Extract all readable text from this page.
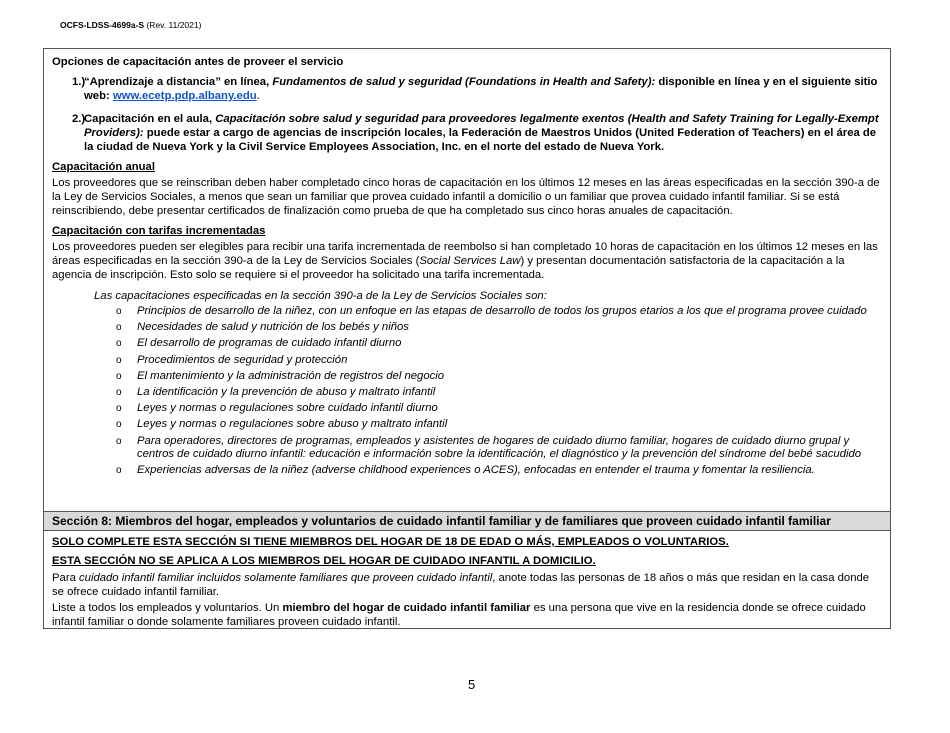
OCFS-LDSS-4699a-S (Rev. 11/2021)
Opciones de capacitación antes de proveer el servicio
1.)
“Aprendizaje a distancia” en línea, Fundamentos de salud y seguridad (Foundations in Health and Safety): disponible en línea y en el siguiente sitio web: www.ecetp.pdp.albany.edu.
2.)
Capacitación en el aula, Capacitación sobre salud y seguridad para proveedores legalmente exentos (Health and Safety Training for Legally-Exempt Providers): puede estar a cargo de agencias de inscripción locales, la Federación de Maestros Unidos (United Federation of Teachers) en el área de la ciudad de Nueva York y la Civil Service Employees Association, Inc. en el norte del estado de Nueva York.
Capacitación anual
Los proveedores que se reinscriban deben haber completado cinco horas de capacitación en los últimos 12 meses en las áreas especificadas en la sección 390-a de la Ley de Servicios Sociales, a menos que sean un familiar que provea cuidado infantil a domicilio o un familiar que provea cuidado infantil familiar. Si se está reinscribiendo, debe presentar certificados de finalización como prueba de que ha completado sus cinco horas anuales de capacitación.
Capacitación con tarifas incrementadas
Los proveedores pueden ser elegibles para recibir una tarifa incrementada de reembolso si han completado 10 horas de capacitación en los últimos 12 meses en las áreas especificadas en la sección 390-a de la Ley de Servicios Sociales (Social Services Law) y presentan documentación satisfactoria de la capacitación a la agencia de inscripción. Esto solo se requiere si el proveedor ha solicitado una tarifa incrementada.
Las capacitaciones especificadas en la sección 390-a de la Ley de Servicios Sociales son:
o Principios de desarrollo de la niñez, con un enfoque en las etapas de desarrollo de todos los grupos etarios a los que el programa provee cuidado
o Necesidades de salud y nutrición de los bebés y niños
o El desarrollo de programas de cuidado infantil diurno
o Procedimientos de seguridad y protección
o El mantenimiento y la administración de registros del negocio
o La identificación y la prevención de abuso y maltrato infantil
o Leyes y normas o regulaciones sobre cuidado infantil diurno
o Leyes y normas o regulaciones sobre abuso y maltrato infantil
o Para operadores, directores de programas, empleados y asistentes de hogares de cuidado diurno familiar, hogares de cuidado diurno grupal y centros de cuidado diurno infantil: educación e información sobre la identificación, el diagnóstico y la prevención del síndrome del bebé sacudido
o Experiencias adversas de la niñez (adverse childhood experiences o ACES), enfocadas en entender el trauma y fomentar la resiliencia.
Sección 8: Miembros del hogar, empleados y voluntarios de cuidado infantil familiar y de familiares que proveen cuidado infantil familiar
SOLO COMPLETE ESTA SECCIÓN SI TIENE MIEMBROS DEL HOGAR DE 18 DE EDAD O MÁS, EMPLEADOS O VOLUNTARIOS.
ESTA SECCIÓN NO SE APLICA A LOS MIEMBROS DEL HOGAR DE CUIDADO INFANTIL A DOMICILIO.
Para cuidado infantil familiar incluidos solamente familiares que proveen cuidado infantil, anote todas las personas de 18 años o más que residan en la casa donde se ofrece cuidado infantil familiar.
Liste a todos los empleados y voluntarios. Un miembro del hogar de cuidado infantil familiar es una persona que vive en la residencia donde se ofrece cuidado infantil familiar o donde solamente familiares proveen cuidado infantil.
5
